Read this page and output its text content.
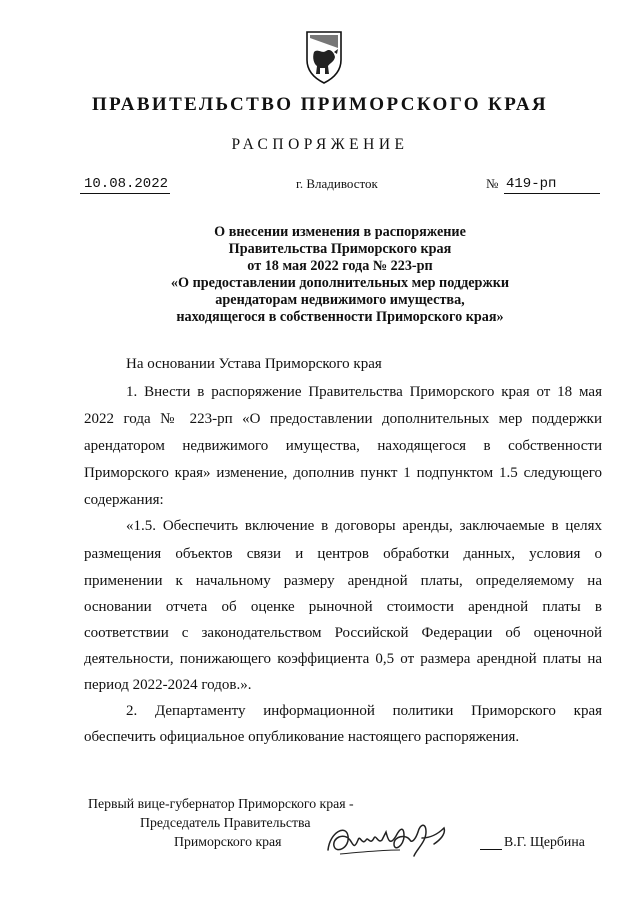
ПРАВИТЕЛЬСТВО ПРИМОРСКОГО КРАЯ
РАСПОРЯЖЕНИЕ
10.08.2022	г. Владивосток	№ 419-рп
О внесении изменения в распоряжение
Правительства Приморского края
от 18 мая 2022 года № 223-рп
«О предоставлении дополнительных мер поддержки
арендаторам недвижимого имущества,
находящегося в собственности Приморского края»
На основании Устава Приморского края
1. Внести в распоряжение Правительства Приморского края от 18 мая
2022 года № 223-рп «О предоставлении дополнительных мер поддержки
арендатором недвижимого имущества, находящегося в собственности
Приморского края» изменение, дополнив пункт 1 подпунктом 1.5 следующего
содержания:
«1.5. Обеспечить включение в договоры аренды, заключаемые в целях
размещения объектов связи и центров обработки данных, условия о
применении к начальному размеру арендной платы, определяемому на
основании отчета об оценке рыночной стоимости арендной платы в
соответствии с законодательством Российской Федерации об оценочной
деятельности, понижающего коэффициента 0,5 от размера арендной платы на
период 2022-2024 годов.».
2. Департаменту информационной политики Приморского края
обеспечить официальное опубликование настоящего распоряжения.
Первый вице-губернатор Приморского края -
Председатель Правительства
Приморского края	В.Г. Щербина
